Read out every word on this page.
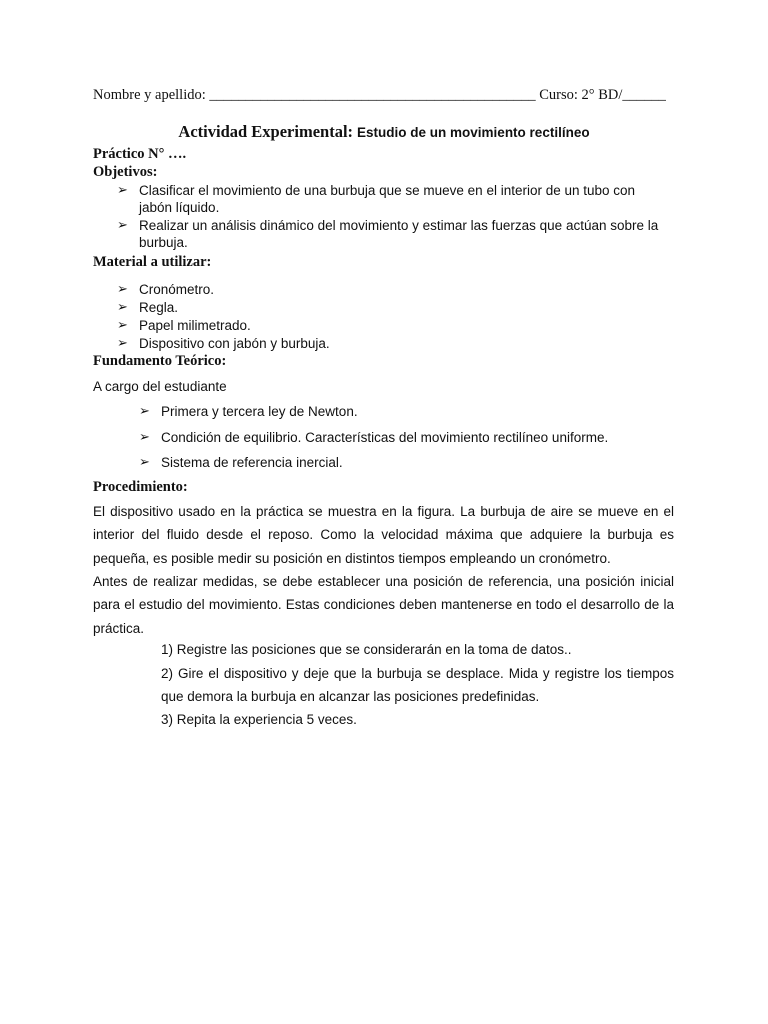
Nombre y apellido: _____________________________________________ Curso: 2° BD/______
Actividad Experimental: Estudio de un movimiento rectilíneo
Práctico N° ….
Objetivos:
➢ Clasificar el movimiento de una burbuja que se mueve en el interior de un tubo con jabón líquido.
➢ Realizar un análisis dinámico del movimiento y estimar las fuerzas que actúan sobre la burbuja.
Material a utilizar:
➢ Cronómetro.
➢ Regla.
➢ Papel milimetrado.
➢ Dispositivo con jabón y burbuja.
Fundamento Teórico:
A cargo del estudiante
➢ Primera y tercera ley de Newton.
➢ Condición de equilibrio. Características del movimiento rectilíneo uniforme.
➢ Sistema de referencia inercial.
Procedimiento:
El dispositivo usado en la práctica se muestra en la figura. La burbuja de aire se mueve en el interior del fluido desde el reposo. Como la velocidad máxima que adquiere la burbuja es pequeña, es posible medir su posición en distintos tiempos empleando un cronómetro.
Antes de realizar medidas, se debe establecer una posición de referencia, una posición inicial para el estudio del movimiento. Estas condiciones deben mantenerse en todo el desarrollo de la práctica.
1) Registre las posiciones que se considerarán en la toma de datos..
2) Gire el dispositivo y deje que la burbuja se desplace. Mida y registre los tiempos que demora la burbuja en alcanzar las posiciones predefinidas.
3) Repita la experiencia 5 veces.
